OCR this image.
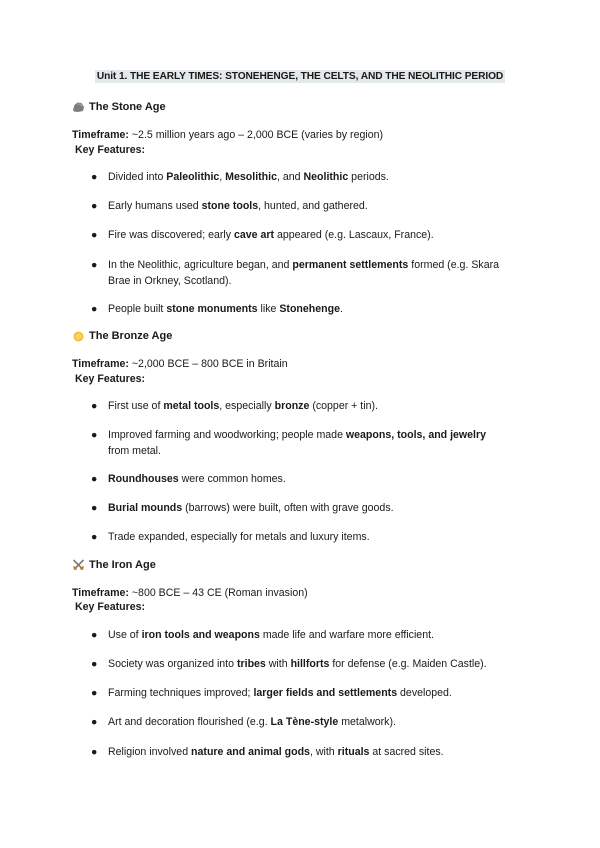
Unit 1. THE EARLY TIMES: STONEHENGE, THE CELTS, AND THE NEOLITHIC PERIOD
The Stone Age
Timeframe: ~2.5 million years ago – 2,000 BCE (varies by region)
Key Features:
● Divided into Paleolithic, Mesolithic, and Neolithic periods.
● Early humans used stone tools, hunted, and gathered.
● Fire was discovered; early cave art appeared (e.g. Lascaux, France).
● In the Neolithic, agriculture began, and permanent settlements formed (e.g. Skara
Brae in Orkney, Scotland).
● People built stone monuments like Stonehenge.
The Bronze Age
Timeframe: ~2,000 BCE – 800 BCE in Britain
Key Features:
● First use of metal tools, especially bronze (copper + tin).
● Improved farming and woodworking; people made weapons, tools, and jewelry
from metal.
● Roundhouses were common homes.
● Burial mounds (barrows) were built, often with grave goods.
● Trade expanded, especially for metals and luxury items.
The Iron Age
Timeframe: ~800 BCE – 43 CE (Roman invasion)
Key Features:
● Use of iron tools and weapons made life and warfare more efficient.
● Society was organized into tribes with hillforts for defense (e.g. Maiden Castle).
● Farming techniques improved; larger fields and settlements developed.
● Art and decoration flourished (e.g. La Tène-style metalwork).
● Religion involved nature and animal gods, with rituals at sacred sites.
